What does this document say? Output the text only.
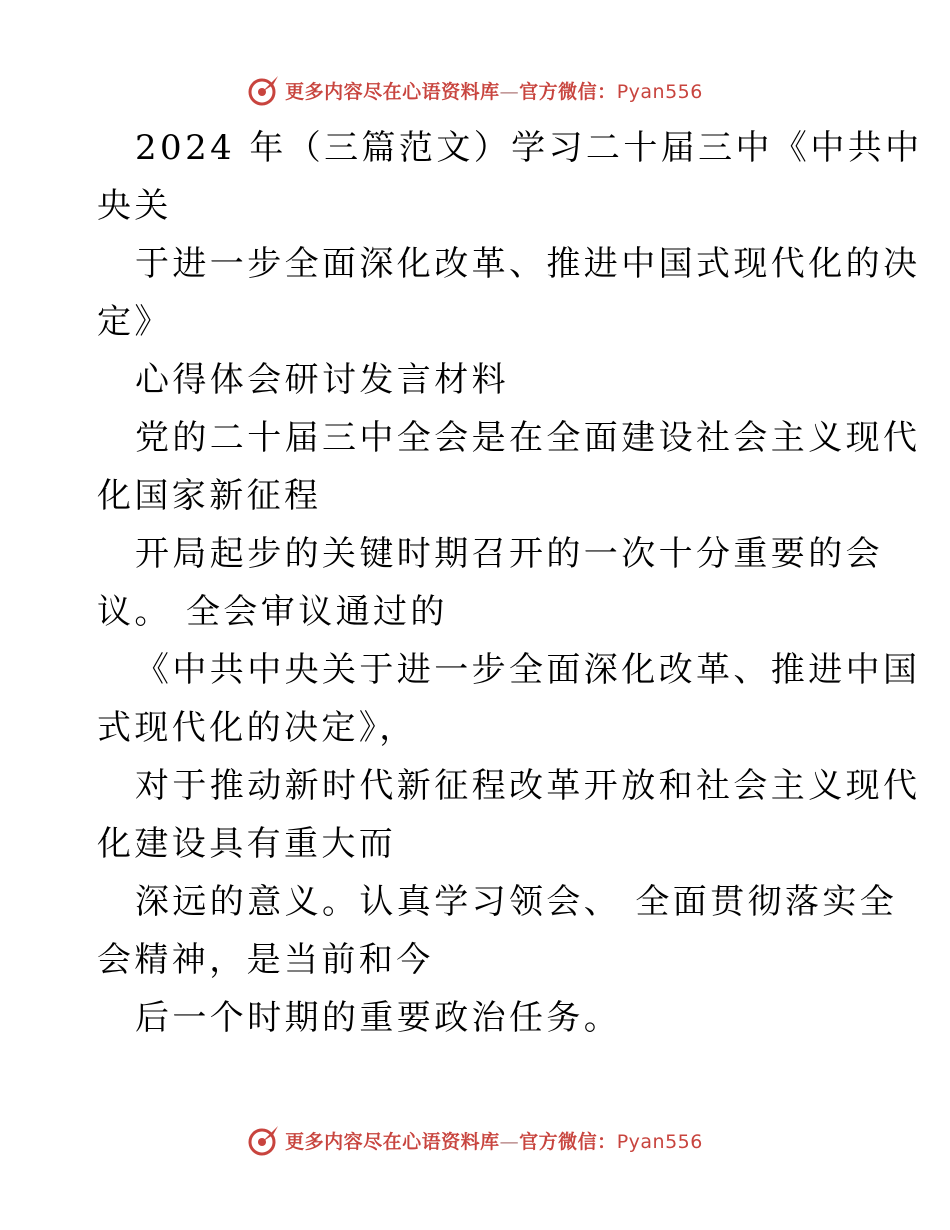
更多内容尽在心语资料库—官方微信：Pyan556
2024 年（三篇范文）学习二十届三中《中共中
央关
于进一步全面深化改革、推进中国式现代化的决
定》
心得体会研讨发言材料
党的二十届三中全会是在全面建设社会主义现代
化国家新征程
开局起步的关键时期召开的一次十分重要的会
议。 全会审议通过的
《中共中央关于进一步全面深化改革、推进中国
式现代化的决定》，
对于推动新时代新征程改革开放和社会主义现代
化建设具有重大而
深远的意义。认真学习领会、 全面贯彻落实全
会精神，是当前和今
后一个时期的重要政治任务。
更多内容尽在心语资料库—官方微信：Pyan556
